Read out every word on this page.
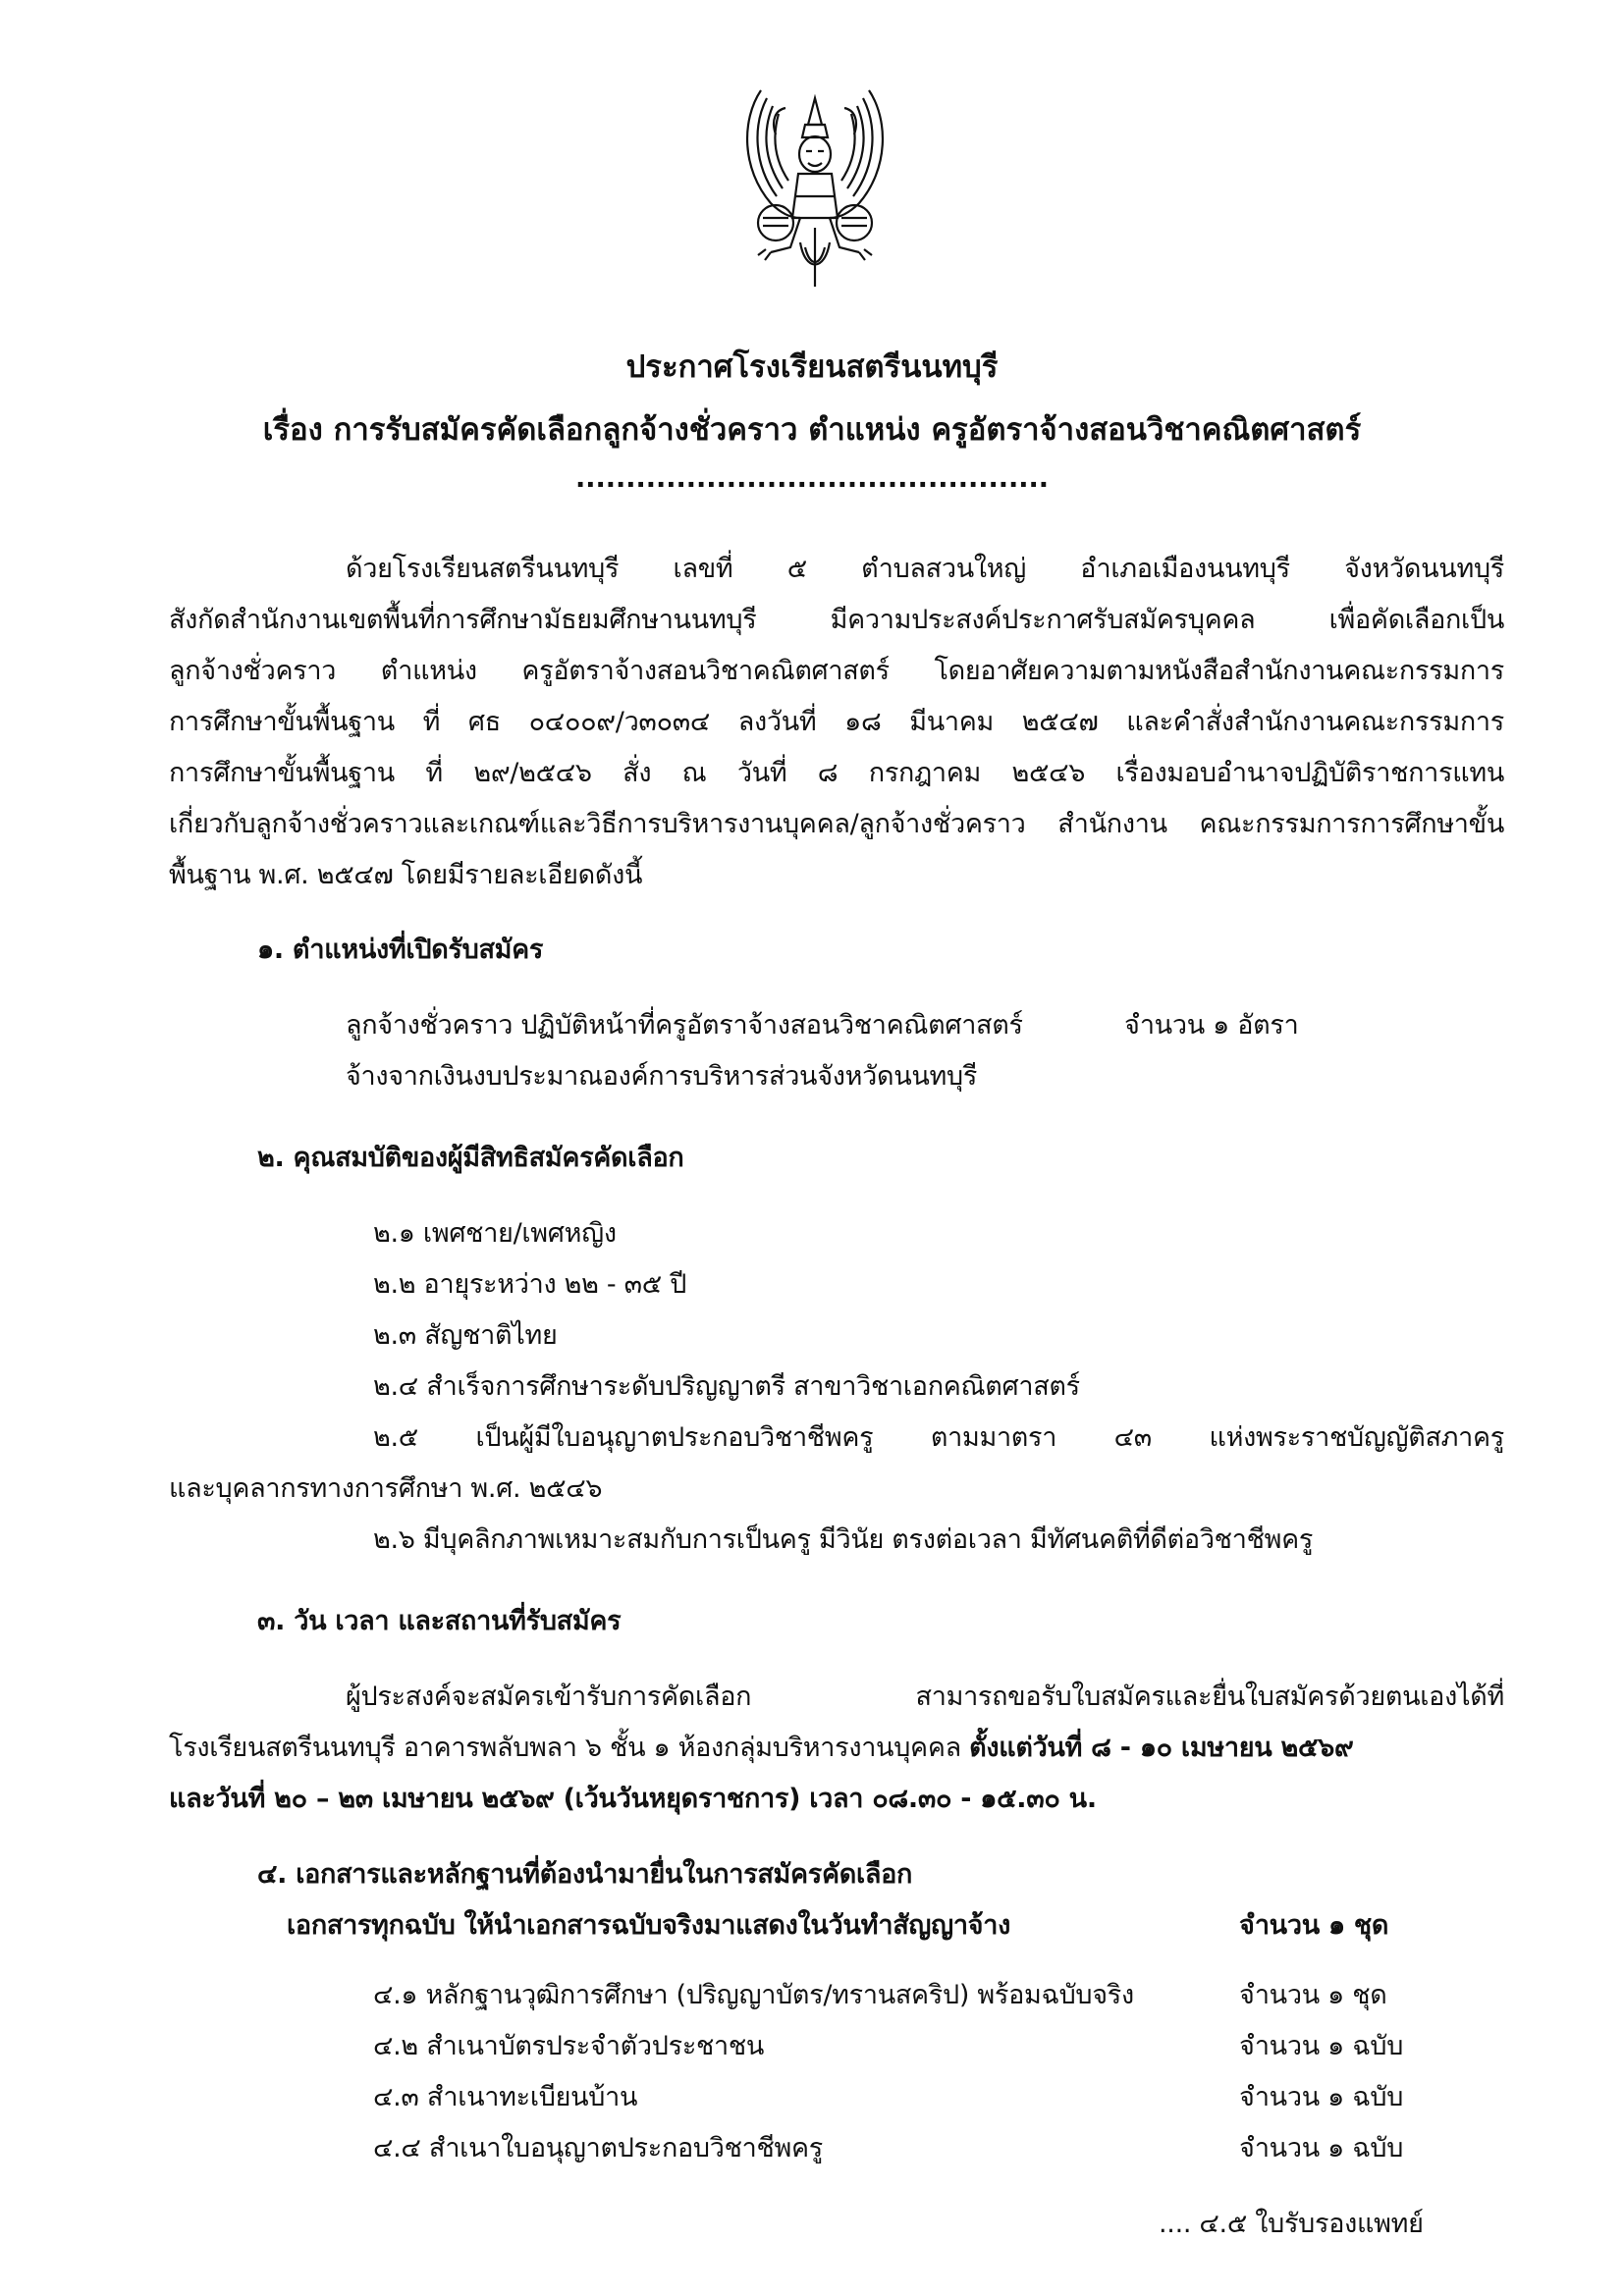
ประกาศโรงเรียนสตรีนนทบุรี
เรื่อง การรับสมัครคัดเลือกลูกจ้างชั่วคราว ตำแหน่ง ครูอัตราจ้างสอนวิชาคณิตศาสตร์
...............................................
ด้วยโรงเรียนสตรีนนทบุรี เลขที่ ๕ ตำบลสวนใหญ่ อำเภอเมืองนนทบุรี จังหวัดนนทบุรี
สังกัดสำนักงานเขตพื้นที่การศึกษามัธยมศึกษานนทบุรี มีความประสงค์ประกาศรับสมัครบุคคล เพื่อคัดเลือกเป็น
ลูกจ้างชั่วคราว ตำแหน่ง ครูอัตราจ้างสอนวิชาคณิตศาสตร์ โดยอาศัยความตามหนังสือสำนักงานคณะกรรมการ
การศึกษาขั้นพื้นฐาน ที่ ศธ ๐๔๐๐๙/ว๓๐๓๔ ลงวันที่ ๑๘ มีนาคม ๒๕๔๗ และคำสั่งสำนักงานคณะกรรมการ
การศึกษาขั้นพื้นฐาน ที่ ๒๙/๒๕๔๖ สั่ง ณ วันที่ ๘ กรกฎาคม ๒๕๔๖ เรื่องมอบอำนาจปฏิบัติราชการแทน
เกี่ยวกับลูกจ้างชั่วคราวและเกณฑ์และวิธีการบริหารงานบุคคล/ลูกจ้างชั่วคราว สำนักงาน คณะกรรมการการศึกษาขั้น
พื้นฐาน พ.ศ. ๒๕๔๗ โดยมีรายละเอียดดังนี้
๑. ตำแหน่งที่เปิดรับสมัคร
ลูกจ้างชั่วคราว ปฏิบัติหน้าที่ครูอัตราจ้างสอนวิชาคณิตศาสตร์	จำนวน ๑ อัตรา
จ้างจากเงินงบประมาณองค์การบริหารส่วนจังหวัดนนทบุรี
๒. คุณสมบัติของผู้มีสิทธิสมัครคัดเลือก
๒.๑ เพศชาย/เพศหญิง
๒.๒ อายุระหว่าง ๒๒ - ๓๕ ปี
๒.๓ สัญชาติไทย
๒.๔ สำเร็จการศึกษาระดับปริญญาตรี สาขาวิชาเอกคณิตศาสตร์
๒.๕ เป็นผู้มีใบอนุญาตประกอบวิชาชีพครู ตามมาตรา ๔๓ แห่งพระราชบัญญัติสภาครู
และบุคลากรทางการศึกษา พ.ศ. ๒๕๔๖
๒.๖ มีบุคลิกภาพเหมาะสมกับการเป็นครู มีวินัย ตรงต่อเวลา มีทัศนคติที่ดีต่อวิชาชีพครู
๓. วัน เวลา และสถานที่รับสมัคร
ผู้ประสงค์จะสมัครเข้ารับการคัดเลือก สามารถขอรับใบสมัครและยื่นใบสมัครด้วยตนเองได้ที่
โรงเรียนสตรีนนทบุรี อาคารพลับพลา ๖ ชั้น ๑ ห้องกลุ่มบริหารงานบุคคล ตั้งแต่วันที่ ๘ - ๑๐ เมษายน ๒๕๖๙
และวันที่ ๒๐ – ๒๓ เมษายน ๒๕๖๙ (เว้นวันหยุดราชการ) เวลา ๐๘.๓๐ - ๑๕.๓๐ น.
๔. เอกสารและหลักฐานที่ต้องนำมายื่นในการสมัครคัดเลือก
เอกสารทุกฉบับ ให้นำเอกสารฉบับจริงมาแสดงในวันทำสัญญาจ้าง	จำนวน ๑ ชุด
๔.๑ หลักฐานวุฒิการศึกษา (ปริญญาบัตร/ทรานสคริป) พร้อมฉบับจริง	จำนวน ๑ ชุด
๔.๒ สำเนาบัตรประจำตัวประชาชน	จำนวน ๑ ฉบับ
๔.๓ สำเนาทะเบียนบ้าน	จำนวน ๑ ฉบับ
๔.๔ สำเนาใบอนุญาตประกอบวิชาชีพครู	จำนวน ๑ ฉบับ
.... ๔.๕ ใบรับรองแพทย์
